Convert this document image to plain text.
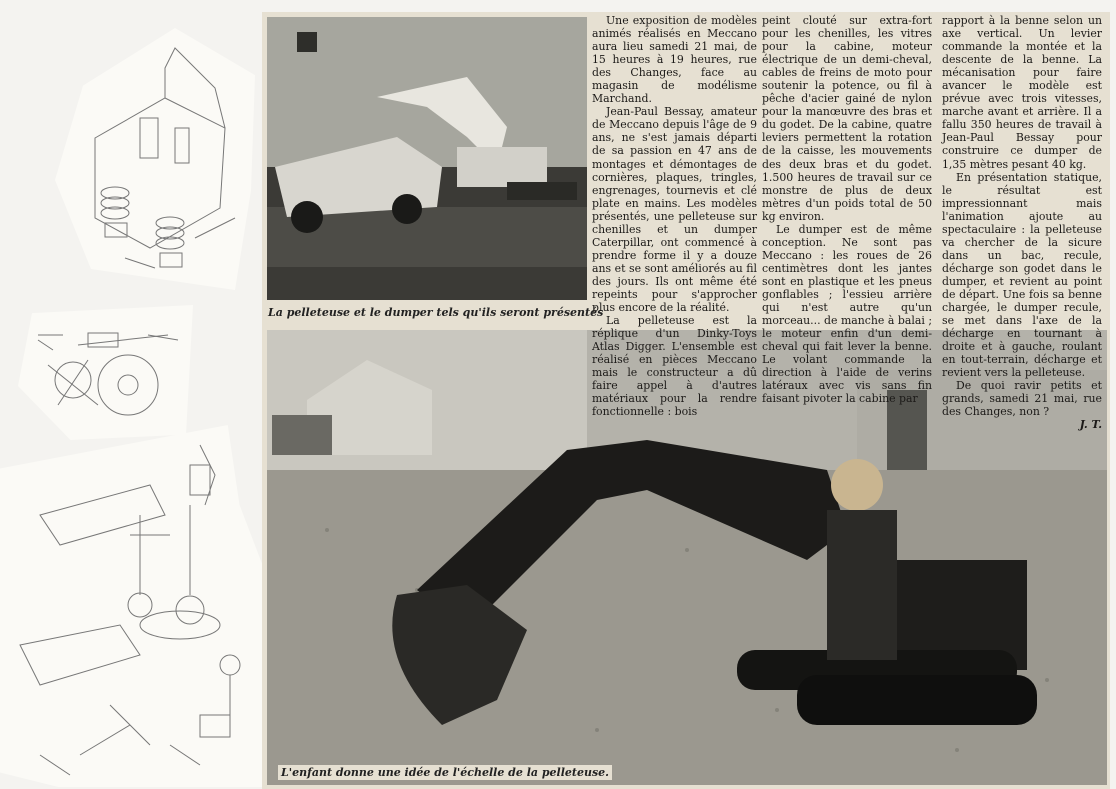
La pelleteuse et le dumper tels qu'ils seront présentés
L'enfant donne une idée de l'échelle de la pelleteuse.

Une exposition de modèles animés réalisés en Meccano aura lieu samedi 21 mai, de 15 heures à 19 heures, rue des Changes, face au magasin de modélisme Marchand.

Jean-Paul Bessay, amateur de Meccano depuis l'âge de 9 ans, ne s'est jamais départi de sa passion en 47 ans de montages et démontages de cornières, plaques, tringles, engrenages, tournevis et clé plate en mains. Les modèles présentés, une pelleteuse sur chenilles et un dumper Caterpillar, ont commencé à prendre forme il y a douze ans et se sont améliorés au fil des jours. Ils ont même été repeints pour s'approcher plus encore de la réalité.

La pelleteuse est la réplique d'un Dinky-Toys Atlas Digger. L'ensemble est réalisé en pièces Meccano mais le constructeur a dû faire appel à d'autres matériaux pour la rendre fonctionnelle : bois

peint clouté sur extra-fort pour les chenilles, les vitres pour la cabine, moteur électrique de un demi-cheval, cables de freins de moto pour soutenir la potence, ou fil à pêche d'acier gainé de nylon pour la manœuvre des bras et du godet. De la cabine, quatre leviers permettent la rotation de la caisse, les mouvements des deux bras et du godet. 1.500 heures de travail sur ce monstre de plus de deux mètres d'un poids total de 50 kg environ.

Le dumper est de même conception. Ne sont pas Meccano : les roues de 26 centimètres dont les jantes sont en plastique et les pneus gonflables ; l'essieu arrière qui n'est autre qu'un morceau... de manche à balai ; le moteur enfin d'un demi-cheval qui fait lever la benne. Le volant commande la direction à l'aide de verins latéraux avec vis sans fin faisant pivoter la cabine par

rapport à la benne selon un axe vertical. Un levier commande la montée et la descente de la benne. La mécanisation pour faire avancer le modèle est prévue avec trois vitesses, marche avant et arrière. Il a fallu 350 heures de travail à Jean-Paul Bessay pour construire ce dumper de 1,35 mètres pesant 40 kg.

En présentation statique, le résultat est impressionnant mais l'animation ajoute au spectaculaire : la pelleteuse va chercher de la sicure dans un bac, recule, décharge son godet dans le dumper, et revient au point de départ. Une fois sa benne chargée, le dumper recule, se met dans l'axe de la décharge en tournant à droite et à gauche, roulant en tout-terrain, décharge et revient vers la pelleteuse.

De quoi ravir petits et grands, samedi 21 mai, rue des Changes, non ?

J. T.
